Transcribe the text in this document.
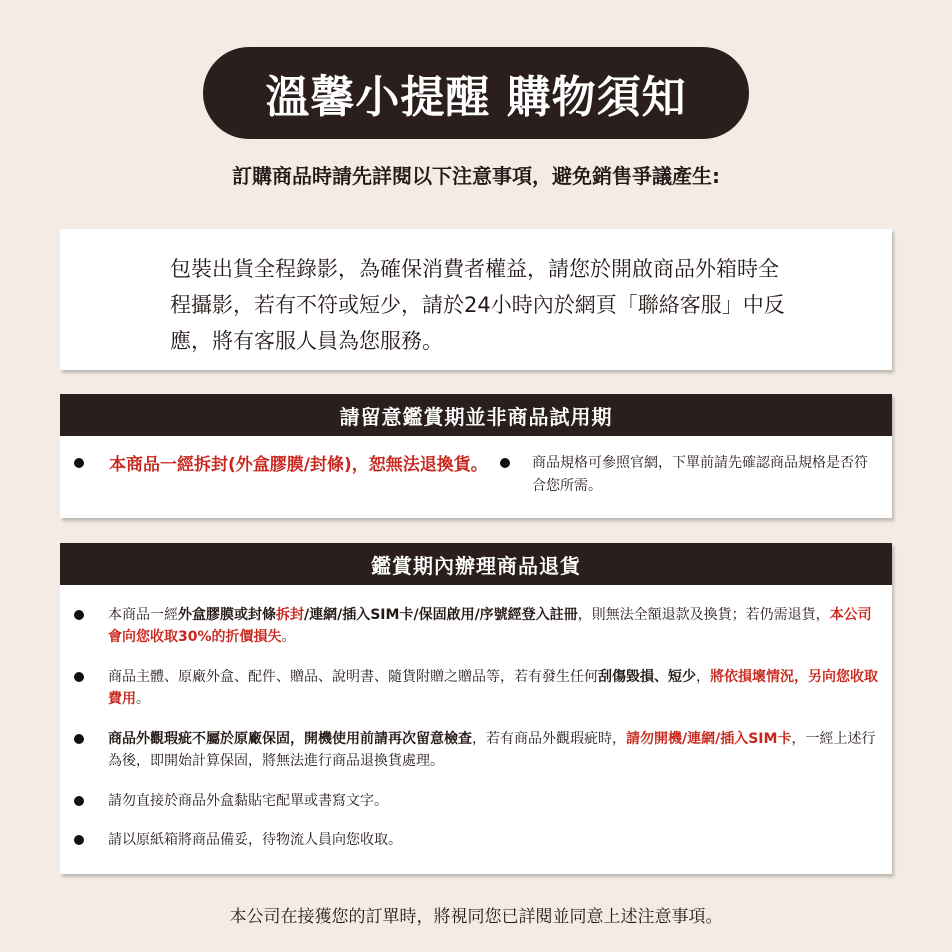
溫馨小提醒 購物須知
訂購商品時請先詳閱以下注意事項，避免銷售爭議產生:
包裝出貨全程錄影，為確保消費者權益，請您於開啟商品外箱時全程攝影，若有不符或短少，請於24小時內於網頁「聯絡客服」中反應，將有客服人員為您服務。
請留意鑑賞期並非商品試用期
本商品一經拆封(外盒膠膜/封條)，恕無法退換貨。	商品規格可參照官網，下單前請先確認商品規格是否符合您所需。
鑑賞期內辦理商品退貨
本商品一經外盒膠膜或封條拆封/連網/插入SIM卡/保固啟用/序號經登入註冊，則無法全額退款及換貨；若仍需退貨，本公司會向您收取30%的折價損失。
商品主體、原廠外盒、配件、贈品、說明書、隨貨附贈之贈品等，若有發生任何刮傷毀損、短少，將依損壞情況，另向您收取費用。
商品外觀瑕疵不屬於原廠保固，開機使用前請再次留意檢查，若有商品外觀瑕疵時，請勿開機/連網/插入SIM卡，一經上述行為後，即開始計算保固，將無法進行商品退換貨處理。
請勿直接於商品外盒黏貼宅配單或書寫文字。
請以原紙箱將商品備妥，待物流人員向您收取。
本公司在接獲您的訂單時，將視同您已詳閱並同意上述注意事項。
